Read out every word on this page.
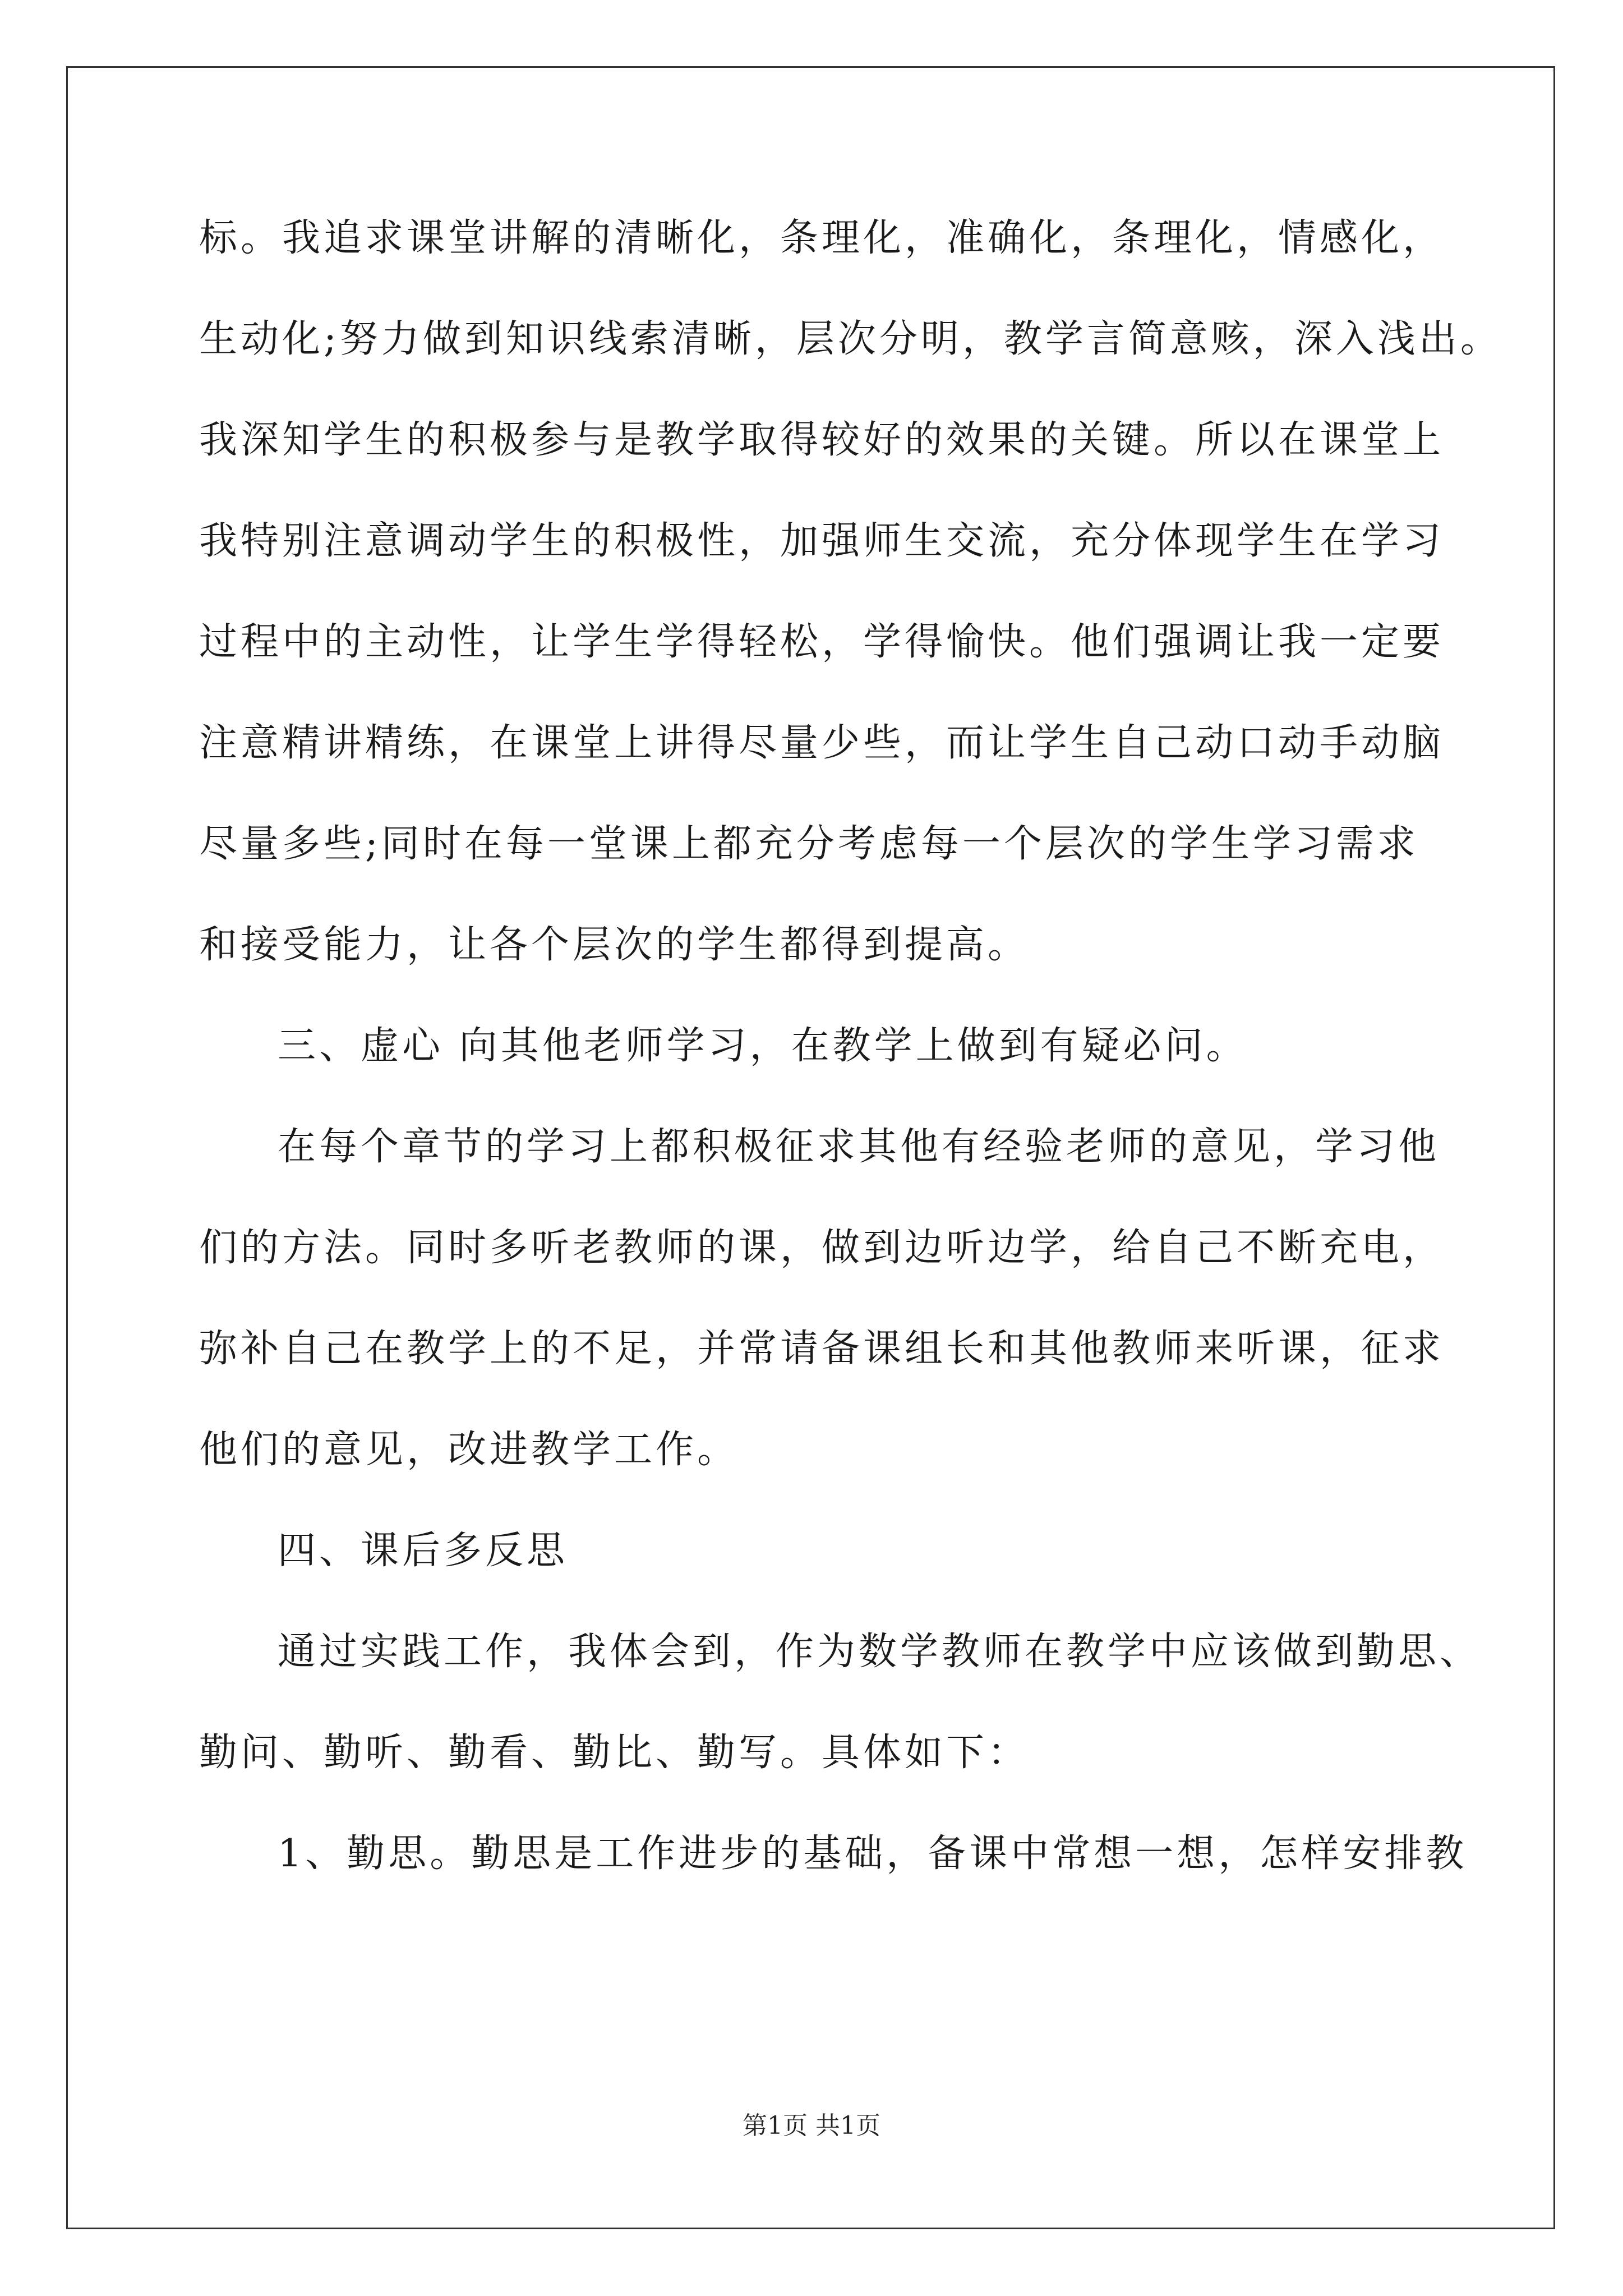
标。我追求课堂讲解的清晰化，条理化，准确化，条理化，情感化，
生动化;努力做到知识线索清晰，层次分明，教学言简意赅，深入浅出。
我深知学生的积极参与是教学取得较好的效果的关键。所以在课堂上
我特别注意调动学生的积极性，加强师生交流，充分体现学生在学习
过程中的主动性，让学生学得轻松，学得愉快。他们强调让我一定要
注意精讲精练，在课堂上讲得尽量少些，而让学生自己动口动手动脑
尽量多些;同时在每一堂课上都充分考虑每一个层次的学生学习需求
和接受能力，让各个层次的学生都得到提高。
三、虚心 向其他老师学习，在教学上做到有疑必问。
在每个章节的学习上都积极征求其他有经验老师的意见，学习他
们的方法。同时多听老教师的课，做到边听边学，给自己不断充电，
弥补自己在教学上的不足，并常请备课组长和其他教师来听课，征求
他们的意见，改进教学工作。
四、课后多反思
通过实践工作，我体会到，作为数学教师在教学中应该做到勤思、
勤问、勤听、勤看、勤比、勤写。具体如下：
1、勤思。勤思是工作进步的基础，备课中常想一想，怎样安排教
第1页 共1页
